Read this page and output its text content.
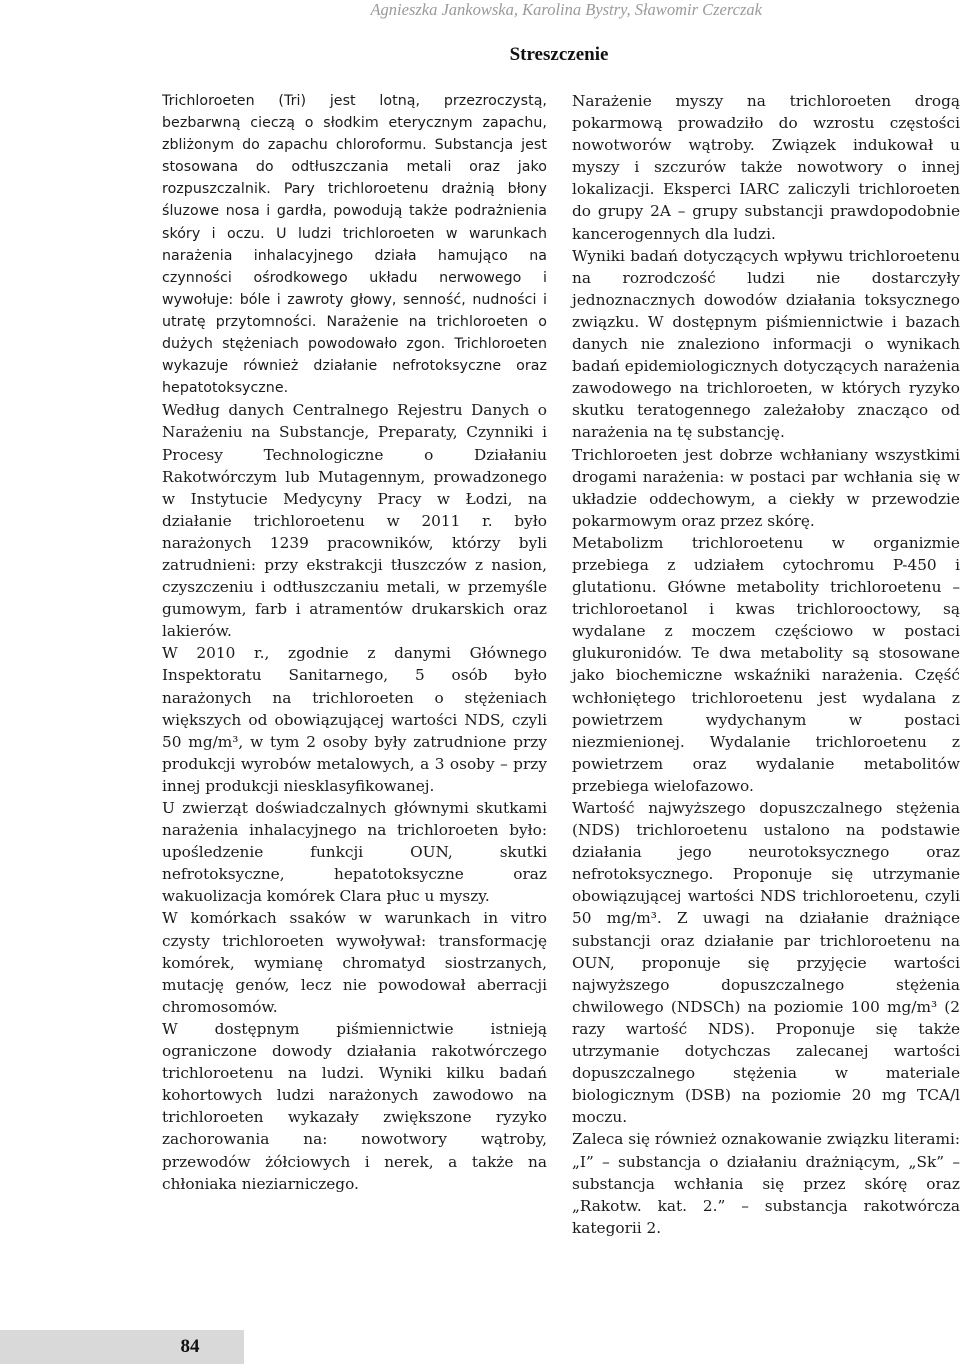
Agnieszka Jankowska, Karolina Bystry, Sławomir Czerczak
Streszczenie

Trichloroeten (Tri) jest lotną, przezroczystą, bezbarwną cieczą o słodkim eterycznym zapachu, zbliżonym do zapachu chloroformu. Substancja jest stosowana do odtłuszczania metali oraz jako rozpuszczalnik. Pary trichloroetenu drażnią błony śluzowe nosa i gardła, powodują także podrażnienia skóry i oczu. U ludzi trichloroeten w warunkach narażenia inhalacyjnego działa hamująco na czynności ośrodkowego układu nerwowego i wywołuje: bóle i zawroty głowy, senność, nudności i utratę przytomności. Narażenie na trichloroeten o dużych stężeniach powodowało zgon. Trichloroeten wykazuje również działanie nefrotoksyczne oraz hepatotoksyczne.

Według danych Centralnego Rejestru Danych o Narażeniu na Substancje, Preparaty, Czynniki i Procesy Technologiczne o Działaniu Rakotwórczym lub Mutagennym, prowadzonego w Instytucie Medycyny Pracy w Łodzi, na działanie trichloroetenu w 2011 r. było narażonych 1239 pracowników, którzy byli zatrudnieni: przy ekstrakcji tłuszczów z nasion, czyszczeniu i odtłuszczaniu metali, w przemyśle gumowym, farb i atramentów drukarskich oraz lakierów.

W 2010 r., zgodnie z danymi Głównego Inspektoratu Sanitarnego, 5 osób było narażonych na trichloroeten o stężeniach większych od obowiązującej wartości NDS, czyli 50 mg/m³, w tym 2 osoby były zatrudnione przy produkcji wyrobów metalowych, a 3 osoby – przy innej produkcji niesklasyfikowanej.

U zwierząt doświadczalnych głównymi skutkami narażenia inhalacyjnego na trichloroeten było: upośledzenie funkcji OUN, skutki nefrotoksyczne, hepatotoksyczne oraz wakuolizacja komórek Clara płuc u myszy.

W komórkach ssaków w warunkach in vitro czysty trichloroeten wywoływał: transformację komórek, wymianę chromatyd siostrzanych, mutację genów, lecz nie powodował aberracji chromosomów.

W dostępnym piśmiennictwie istnieją ograniczone dowody działania rakotwórczego trichloroetenu na ludzi. Wyniki kilku badań kohortowych ludzi narażonych zawodowo na trichloroeten wykazały zwiększone ryzyko zachorowania na: nowotwory wątroby, przewodów żółciowych i nerek, a także na chłoniaka nieziarniczego.

Narażenie myszy na trichloroeten drogą pokarmową prowadziło do wzrostu częstości nowotworów wątroby. Związek indukował u myszy i szczurów także nowotwory o innej lokalizacji. Eksperci IARC zaliczyli trichloroeten do grupy 2A – grupy substancji prawdopodobnie kancerogennych dla ludzi.

Wyniki badań dotyczących wpływu trichloroetenu na rozrodczość ludzi nie dostarczyły jednoznacznych dowodów działania toksycznego związku. W dostępnym piśmiennictwie i bazach danych nie znaleziono informacji o wynikach badań epidemiologicznych dotyczących narażenia zawodowego na trichloroeten, w których ryzyko skutku teratogennego zależałoby znacząco od narażenia na tę substancję.

Trichloroeten jest dobrze wchłaniany wszystkimi drogami narażenia: w postaci par wchłania się w układzie oddechowym, a ciekły w przewodzie pokarmowym oraz przez skórę.

Metabolizm trichloroetenu w organizmie przebiega z udziałem cytochromu P-450 i glutationu. Główne metabolity trichloroetenu – trichloroetanol i kwas trichlorooctowy, są wydalane z moczem częściowo w postaci glukuronidów. Te dwa metabolity są stosowane jako biochemiczne wskaźniki narażenia. Część wchłoniętego trichloroetenu jest wydalana z powietrzem wydychanym w postaci niezmienionej. Wydalanie trichloroetenu z powietrzem oraz wydalanie metabolitów przebiega wielofazowo.

Wartość najwyższego dopuszczalnego stężenia (NDS) trichloroetenu ustalono na podstawie działania jego neurotoksycznego oraz nefrotoksycznego. Proponuje się utrzymanie obowiązującej wartości NDS trichloroetenu, czyli 50 mg/m³. Z uwagi na działanie drażniące substancji oraz działanie par trichloroetenu na OUN, proponuje się przyjęcie wartości najwyższego dopuszczalnego stężenia chwilowego (NDSCh) na poziomie 100 mg/m³ (2 razy wartość NDS). Proponuje się także utrzymanie dotychczas zalecanej wartości dopuszczalnego stężenia w materiale biologicznym (DSB) na poziomie 20 mg TCA/l moczu.

Zaleca się również oznakowanie związku literami: „I” – substancja o działaniu drażniącym, „Sk” – substancja wchłania się przez skórę oraz „Rakotw. kat. 2.” – substancja rakotwórcza kategorii 2.

84
